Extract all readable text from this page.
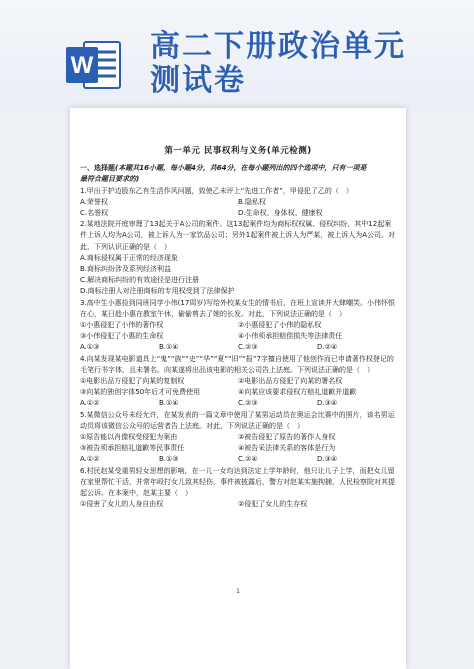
W
高二下册政治单元
测试卷
第一单元 民事权利与义务(单元检测)

一、选择题(本题共16小题，每小题4分，共64分，在每小题列出的四个选项中，只有一项是

最符合题目要求的)

1.甲出于护边股东乙有生活作风问题，致使乙未评上“先进工作者”，甲侵犯了乙的（　）

A.荣誉权	B.隐私权
C.名誉权	D.生命权、身体权、健康权

2.某地法院开庭审理了13起关于A公司的案件。这13起案件均为商标权权属、侵权纠纷，其中12起案件上诉人均为A公司，被上诉人为一家饮品公司；另外1起案件被上诉人为严某，被上诉人为A公司。对此，下列认识正确的是（　）

A.商标侵权属于正常的经济现象

B.商标纠纷涉及系列经济利益

C.解决商标纠纷的有效途径是进行注册

D.商标注册人对注册商标的专用权受到了法律保护

3.高中生小惠捡到同班同学小伟(17周岁)写给外校某女生的情书后，在班上宣读并大肆嘲笑。小伟怀恨在心，某日趁小惠在教室午休，偷偷剪去了她的长发。对此，下列说法正确的是（　）

①小惠侵犯了小伟的著作权	②小惠侵犯了小伟的隐私权
③小伟侵犯了小惠的生命权	④小伟须承担赔偿损失等法律责任
A.①③	B.①④	C.②③	D.②④

4.向某发现某电影道具上“鬼”“族”“史”“华”“夏”“旧”“报”7字擅自使用了他创作而已申请著作权登记的毛笔行书字体，且未署名。向某遂将出品该电影的相关公司告上法庭。下列说法正确的是（　）

①电影出品方侵犯了向某的复制权	②电影出品方侵犯了向某的署名权
③向某的独创字体50年后才可免费使用	④向某应该要求侵权方赔礼道歉并道歉
A.①②	B.①④	C.②③	D.③④

5.某微信公众号未经允许，在某发表的一篇文章中使用了某男运动员在奥运会比赛中的照片，该名男运动员将该微信公众号的运营者告上法庭。对此，下列说法正确的是（　）

①原告能以肖像权受侵犯为案由	②被告侵犯了原告的著作人身权
③被告须承担赔礼道歉等民事责任	④被告采法律关系的客体是行为
A.①②	B.①③	C.②④	D.③④

6.村民赵某受重男轻女思想的影响，在一儿一女均达到法定上学年龄时，他只让儿子上学，而把女儿留在家里帮忙干活，并常年殴打女儿致其轻伤，事件被披露后，警方对赵某实施拘捕，人民检察院对其提起公诉。在本案中，赵某主要（　）

①侵害了女儿的人身自由权	②侵犯了女儿的生存权
1
